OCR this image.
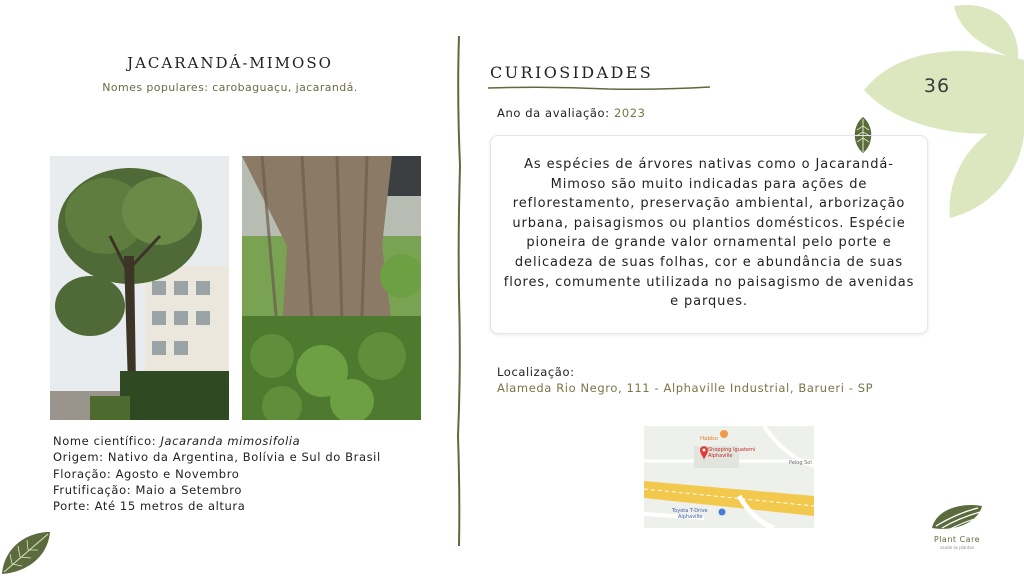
JACARANDÁ-MIMOSO
Nomes populares: carobaguaçu, jacarandá.

Nome científico: Jacaranda mimosifolia

Origem: Nativo da Argentina, Bolívia e Sul do Brasil

Floração: Agosto e Novembro

Frutificação: Maio a Setembro

Porte: Até 15 metros de altura

CURIOSIDADES
Ano da avaliação: 2023
As espécies de árvores nativas como o Jacarandá-Mimoso são muito indicadas para ações de reflorestamento, preservação ambiental, arborização urbana, paisagismos ou plantios domésticos. Espécie pioneira de grande valor ornamental pelo porte e delicadeza de suas folhas, cor e abundância de suas flores, comumente utilizada no paisagismo de avenidas e parques.
Localização:
Alameda Rio Negro, 111 - Alphaville Industrial, Barueri - SP
Habbo
Shopping Iguatemi
Alphaville
Pelog Sol
Toyota T-Drive
Alphaville
36
Plant Care
saúde às plantas
